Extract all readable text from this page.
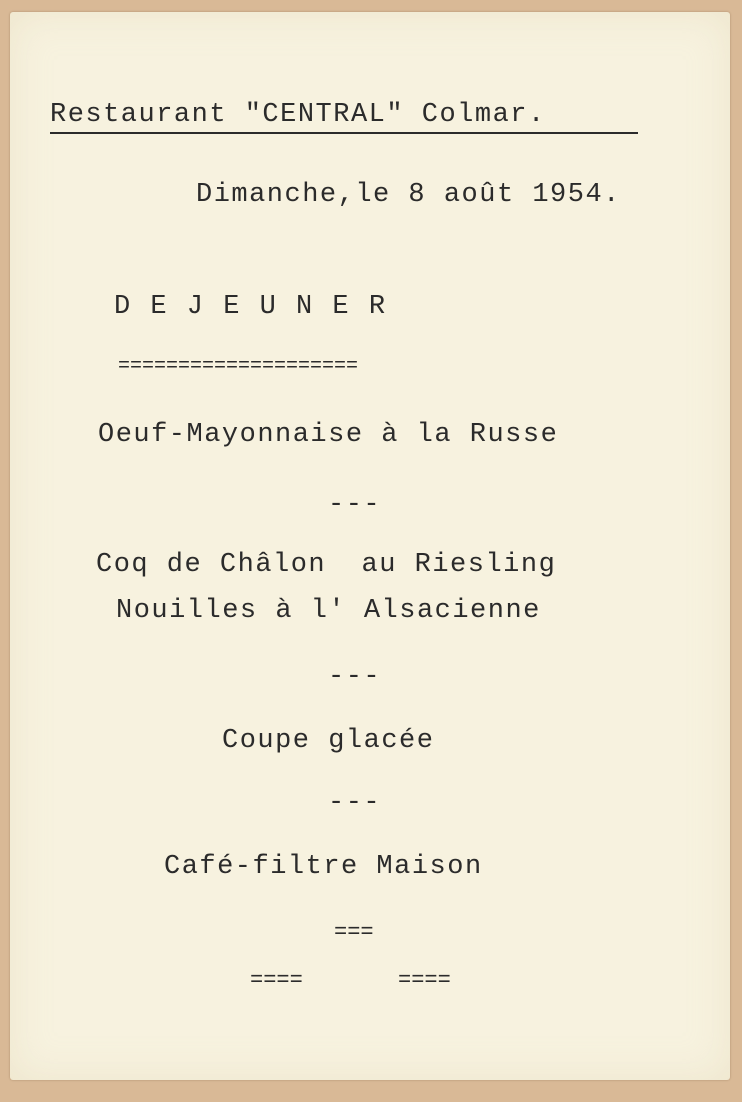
Restaurant "CENTRAL" Colmar.
Dimanche,le 8 août 1954.
D E J E U N E R
====================
Oeuf-Mayonnaise à la Russe
---
Coq de Châlon  au Riesling
Nouilles à l' Alsacienne
---
Coupe glacée
---
Café-filtre Maison
===
====	====
